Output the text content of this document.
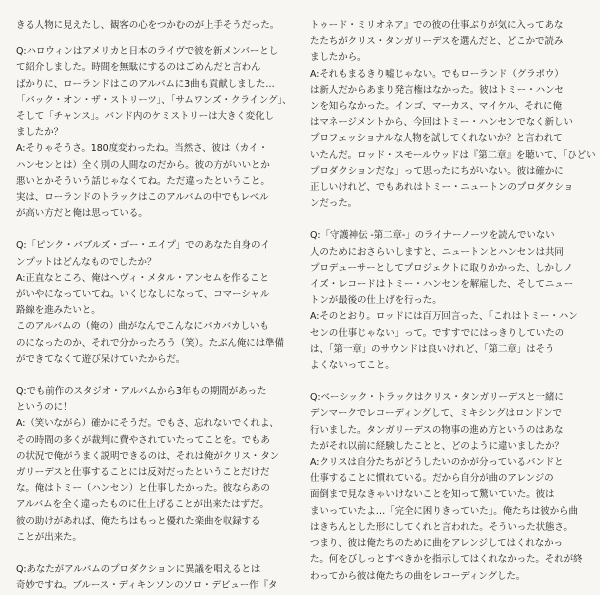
きる人物に見えたし、観客の心をつかむのが上手そうだった。
Q:ハロウィンはアメリカと日本のライヴで彼を新メンバーとし
て紹介しました。時間を無駄にするのはごめんだと言わん
ばかりに、ローランドはこのアルバムに3曲も貢献しました…
「バック・オン・ザ・ストリーツ」、「サムワンズ・クライング」、
そして「チャンス」。バンド内のケミストリーは大きく変化し
ましたか？
A:そりゃそうさ。180度変わったね。当然さ、彼は（カイ・
ハンセンとは）全く別の人間なのだから。彼の方がいいとか
悪いとかそういう話じゃなくてね。ただ違ったということ。
実は、ローランドのトラックはこのアルバムの中でもレベル
が高い方だと俺は思っている。
Q:「ピンク・バブルズ・ゴー・エイプ」でのあなた自身のイ
ンプットはどんなものでしたか？
A:正直なところ、俺はヘヴィ・メタル・アンセムを作ること
がいやになっていてね。いくじなしになって、コマーシャル
路線を進みたいと。
このアルバムの（俺の）曲がなんでこんなにバカバカしいも
のになったのか、それで分かったろう（笑）。たぶん俺には準備
ができてなくて遊び呆けていたからだ。
Q:でも前作のスタジオ・アルバムから3年もの期間があった
というのに！
A:（笑いながら）確かにそうだ。でもさ、忘れないでくれよ、
その時間の多くが裁判に費やされていたってことを。でもあ
の状況で俺がうまく説明できるのは、それは俺がクリス・タン
ガリーデスと仕事することには反対だったということだけだ
な。俺はトミー（ハンセン）と仕事したかった。彼ならあの
アルバムを全く違ったものに仕上げることが出来たはずだ。
彼の助けがあれば、俺たちはもっと優れた楽曲を収録する
ことが出来た。
Q:あなたがアルバムのプロダクションに異議を唱えるとは
奇妙ですね。ブルース・ディキンソンのソロ・デビュー作『タ
トゥード・ミリオネア』での彼の仕事ぶりが気に入ってあな
たたちがクリス・タンガリーデスを選んだと、どこかで読み
ましたから。
A:それもまるきり嘘じゃない。でもローランド（グラポウ）
は新人だからあまり発言権はなかった。彼はトミー・ハンセ
ンを知らなかった。インゴ、マーカス、マイケル、それに俺
はマネージメントから、今回はトミー・ハンセンでなく新しい
プロフェッショナルな人物を試してくれないか？と言われて
いたんだ。ロッド・スモールウッドは『第二章』を聴いて、「ひどい
プロダクションだな」って思ったにちがいない。彼は確かに
正しいけれど、でもあれはトミー・ニュートンのプロダクショ
ンだった。
Q:「守護神伝 -第二章-」のライナーノーツを読んでいない
人のためにおさらいしますと、ニュートンとハンセンは共同
プロデューサーとしてプロジェクトに取りかかった、しかしノ
イズ・レコードはトミー・ハンセンを解雇した、そしてニュー
トンが最後の仕上げを行った。
A:そのとおり。ロッドには百万回言った、「これはトミー・ハン
センの仕事じゃない」って。ですすでにはっきりしていたの
は、「第一章」のサウンドは良いけれど、「第二章」はそう
よくないってこと。
Q:ベーシック・トラックはクリス・タンガリーデスと一緒に
デンマークでレコーディングして、ミキシングはロンドンで
行いました。タンガリーデスの物事の進め方というのはあな
たがそれ以前に経験したことと、どのように違いましたか？
A:クリスは自分たちがどうしたいのかが分っているバンドと
仕事することに慣れている。だから自分が曲のアレンジの
面倒まで見なきゃいけないことを知って驚いていた。彼は
まいっていたよ…「完全に困りきっていた」。俺たちは彼から曲
はきちんとした形にしてくれと言われた。そういった状態さ。
つまり、彼は俺たちのために曲をアレンジしてはくれなかっ
た。何をびしっとすべきかを指示してはくれなかった。それが終
わってから彼は俺たちの曲をレコーディングした。
